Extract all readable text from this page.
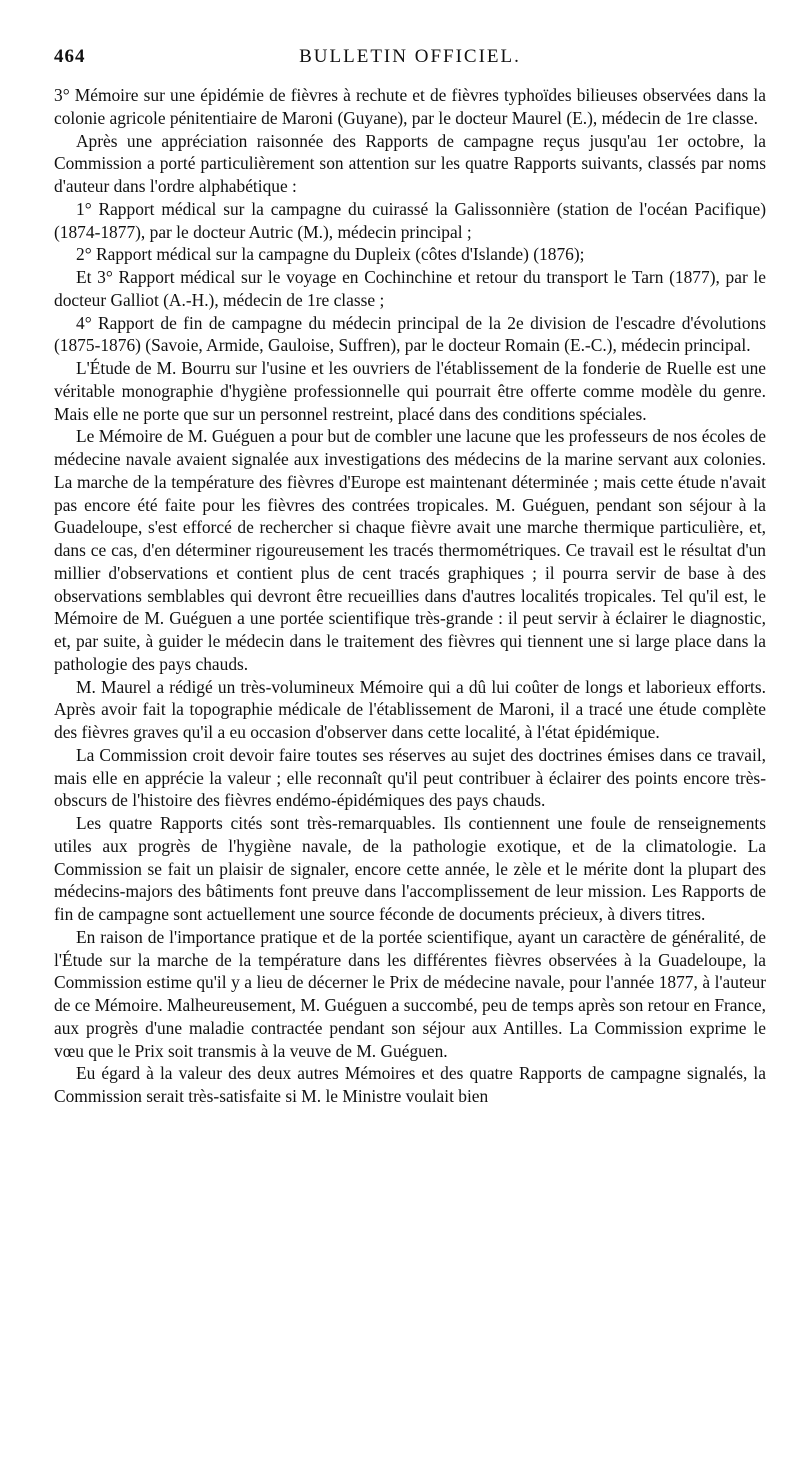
464	BULLETIN OFFICIEL.

3° Mémoire sur une épidémie de fièvres à rechute et de fièvres typhoïdes bilieuses observées dans la colonie agricole pénitentiaire de Maroni (Guyane), par le docteur Maurel (E.), médecin de 1re classe.

Après une appréciation raisonnée des Rapports de campagne reçus jusqu'au 1er octobre, la Commission a porté particulièrement son attention sur les quatre Rapports suivants, classés par noms d'auteur dans l'ordre alphabétique :

1° Rapport médical sur la campagne du cuirassé la Galissonnière (station de l'océan Pacifique) (1874-1877), par le docteur Autric (M.), médecin principal ;

2° Rapport médical sur la campagne du Dupleix (côtes d'Islande) (1876);

Et 3° Rapport médical sur le voyage en Cochinchine et retour du transport le Tarn (1877), par le docteur Galliot (A.-H.), médecin de 1re classe ;

4° Rapport de fin de campagne du médecin principal de la 2e division de l'escadre d'évolutions (1875-1876) (Savoie, Armide, Gauloise, Suffren), par le docteur Romain (E.-C.), médecin principal.

L'Étude de M. Bourru sur l'usine et les ouvriers de l'établissement de la fonderie de Ruelle est une véritable monographie d'hygiène professionnelle qui pourrait être offerte comme modèle du genre. Mais elle ne porte que sur un personnel restreint, placé dans des conditions spéciales.

Le Mémoire de M. Guéguen a pour but de combler une lacune que les professeurs de nos écoles de médecine navale avaient signalée aux investigations des médecins de la marine servant aux colonies. La marche de la température des fièvres d'Europe est maintenant déterminée ; mais cette étude n'avait pas encore été faite pour les fièvres des contrées tropicales. M. Guéguen, pendant son séjour à la Guadeloupe, s'est efforcé de rechercher si chaque fièvre avait une marche thermique particulière, et, dans ce cas, d'en déterminer rigoureusement les tracés thermométriques. Ce travail est le résultat d'un millier d'observations et contient plus de cent tracés graphiques ; il pourra servir de base à des observations semblables qui devront être recueillies dans d'autres localités tropicales. Tel qu'il est, le Mémoire de M. Guéguen a une portée scientifique très-grande : il peut servir à éclairer le diagnostic, et, par suite, à guider le médecin dans le traitement des fièvres qui tiennent une si large place dans la pathologie des pays chauds.

M. Maurel a rédigé un très-volumineux Mémoire qui a dû lui coûter de longs et laborieux efforts. Après avoir fait la topographie médicale de l'établissement de Maroni, il a tracé une étude complète des fièvres graves qu'il a eu occasion d'observer dans cette localité, à l'état épidémique.

La Commission croit devoir faire toutes ses réserves au sujet des doctrines émises dans ce travail, mais elle en apprécie la valeur ; elle reconnaît qu'il peut contribuer à éclairer des points encore très-obscurs de l'histoire des fièvres endémo-épidémiques des pays chauds.

Les quatre Rapports cités sont très-remarquables. Ils contiennent une foule de renseignements utiles aux progrès de l'hygiène navale, de la pathologie exotique, et de la climatologie. La Commission se fait un plaisir de signaler, encore cette année, le zèle et le mérite dont la plupart des médecins-majors des bâtiments font preuve dans l'accomplissement de leur mission. Les Rapports de fin de campagne sont actuellement une source féconde de documents précieux, à divers titres.

En raison de l'importance pratique et de la portée scientifique, ayant un caractère de généralité, de l'Étude sur la marche de la température dans les différentes fièvres observées à la Guadeloupe, la Commission estime qu'il y a lieu de décerner le Prix de médecine navale, pour l'année 1877, à l'auteur de ce Mémoire. Malheureusement, M. Guéguen a succombé, peu de temps après son retour en France, aux progrès d'une maladie contractée pendant son séjour aux Antilles. La Commission exprime le vœu que le Prix soit transmis à la veuve de M. Guéguen.

Eu égard à la valeur des deux autres Mémoires et des quatre Rapports de campagne signalés, la Commission serait très-satisfaite si M. le Ministre voulait bien
